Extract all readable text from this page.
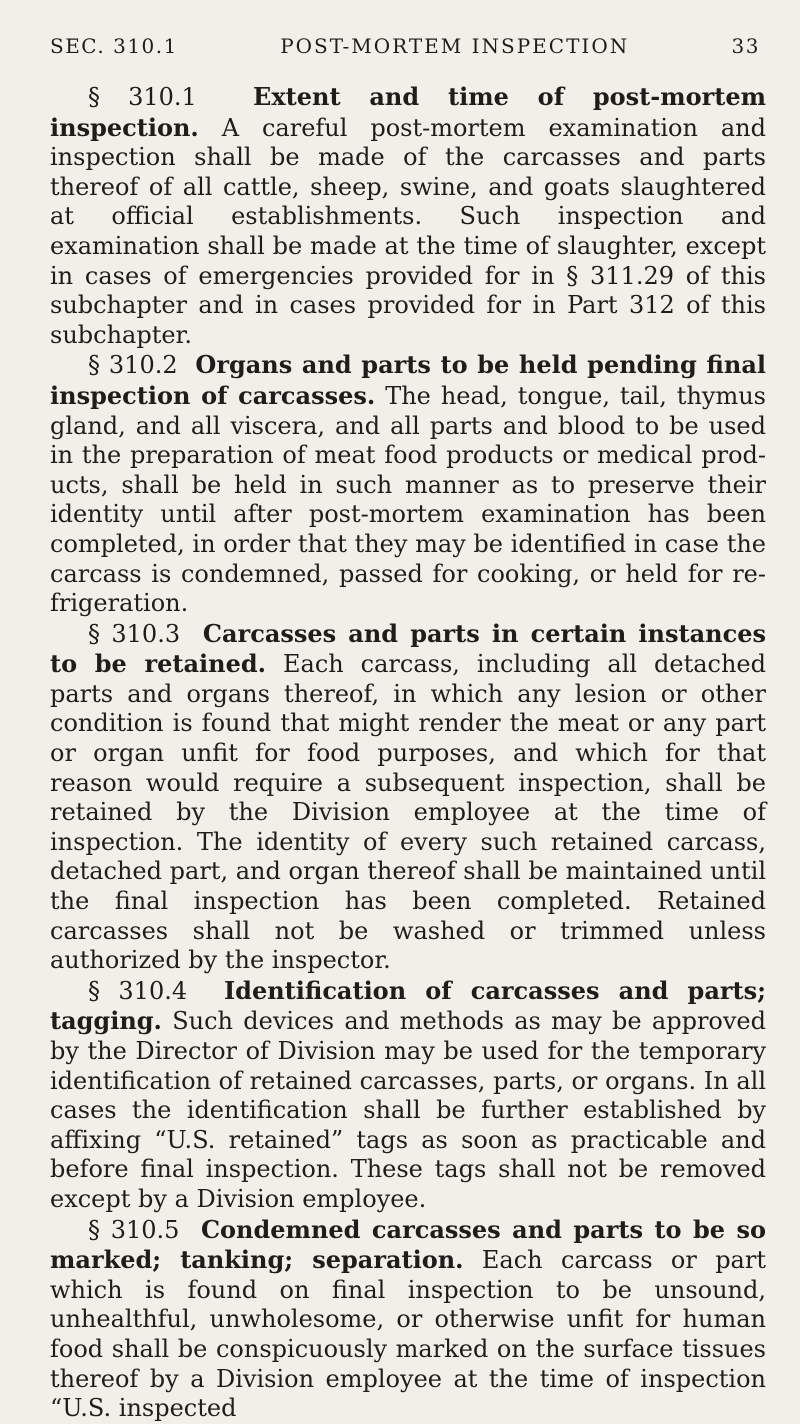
SEC. 310.1	POST-MORTEM INSPECTION	33

§ 310.1 Extent and time of post-mortem inspection. A careful post-mortem examination and inspection shall be made of the carcasses and parts thereof of all cattle, sheep, swine, and goats slaughtered at official establishments. Such inspection and examination shall be made at the time of slaughter, except in cases of emergencies provided for in § 311.29 of this subchapter and in cases provided for in Part 312 of this subchapter.

§ 310.2 Organs and parts to be held pending final inspection of carcasses. The head, tongue, tail, thymus gland, and all viscera, and all parts and blood to be used in the preparation of meat food products or medical products, shall be held in such manner as to preserve their identity until after post-mortem examination has been completed, in order that they may be identified in case the carcass is condemned, passed for cooking, or held for refrigeration.

§ 310.3 Carcasses and parts in certain instances to be retained. Each carcass, including all detached parts and organs thereof, in which any lesion or other condition is found that might render the meat or any part or organ unfit for food purposes, and which for that reason would require a subsequent inspection, shall be retained by the Division employee at the time of inspection. The identity of every such retained carcass, detached part, and organ thereof shall be maintained until the final inspection has been completed. Retained carcasses shall not be washed or trimmed unless authorized by the inspector.

§ 310.4 Identification of carcasses and parts; tagging. Such devices and methods as may be approved by the Director of Division may be used for the temporary identification of retained carcasses, parts, or organs. In all cases the identification shall be further established by affixing “U.S. retained” tags as soon as practicable and before final inspection. These tags shall not be removed except by a Division employee.

§ 310.5 Condemned carcasses and parts to be so marked; tanking; separation. Each carcass or part which is found on final inspection to be unsound, unhealthful, unwholesome, or otherwise unfit for human food shall be conspicuously marked on the surface tissues thereof by a Division employee at the time of inspection “U.S. inspected
